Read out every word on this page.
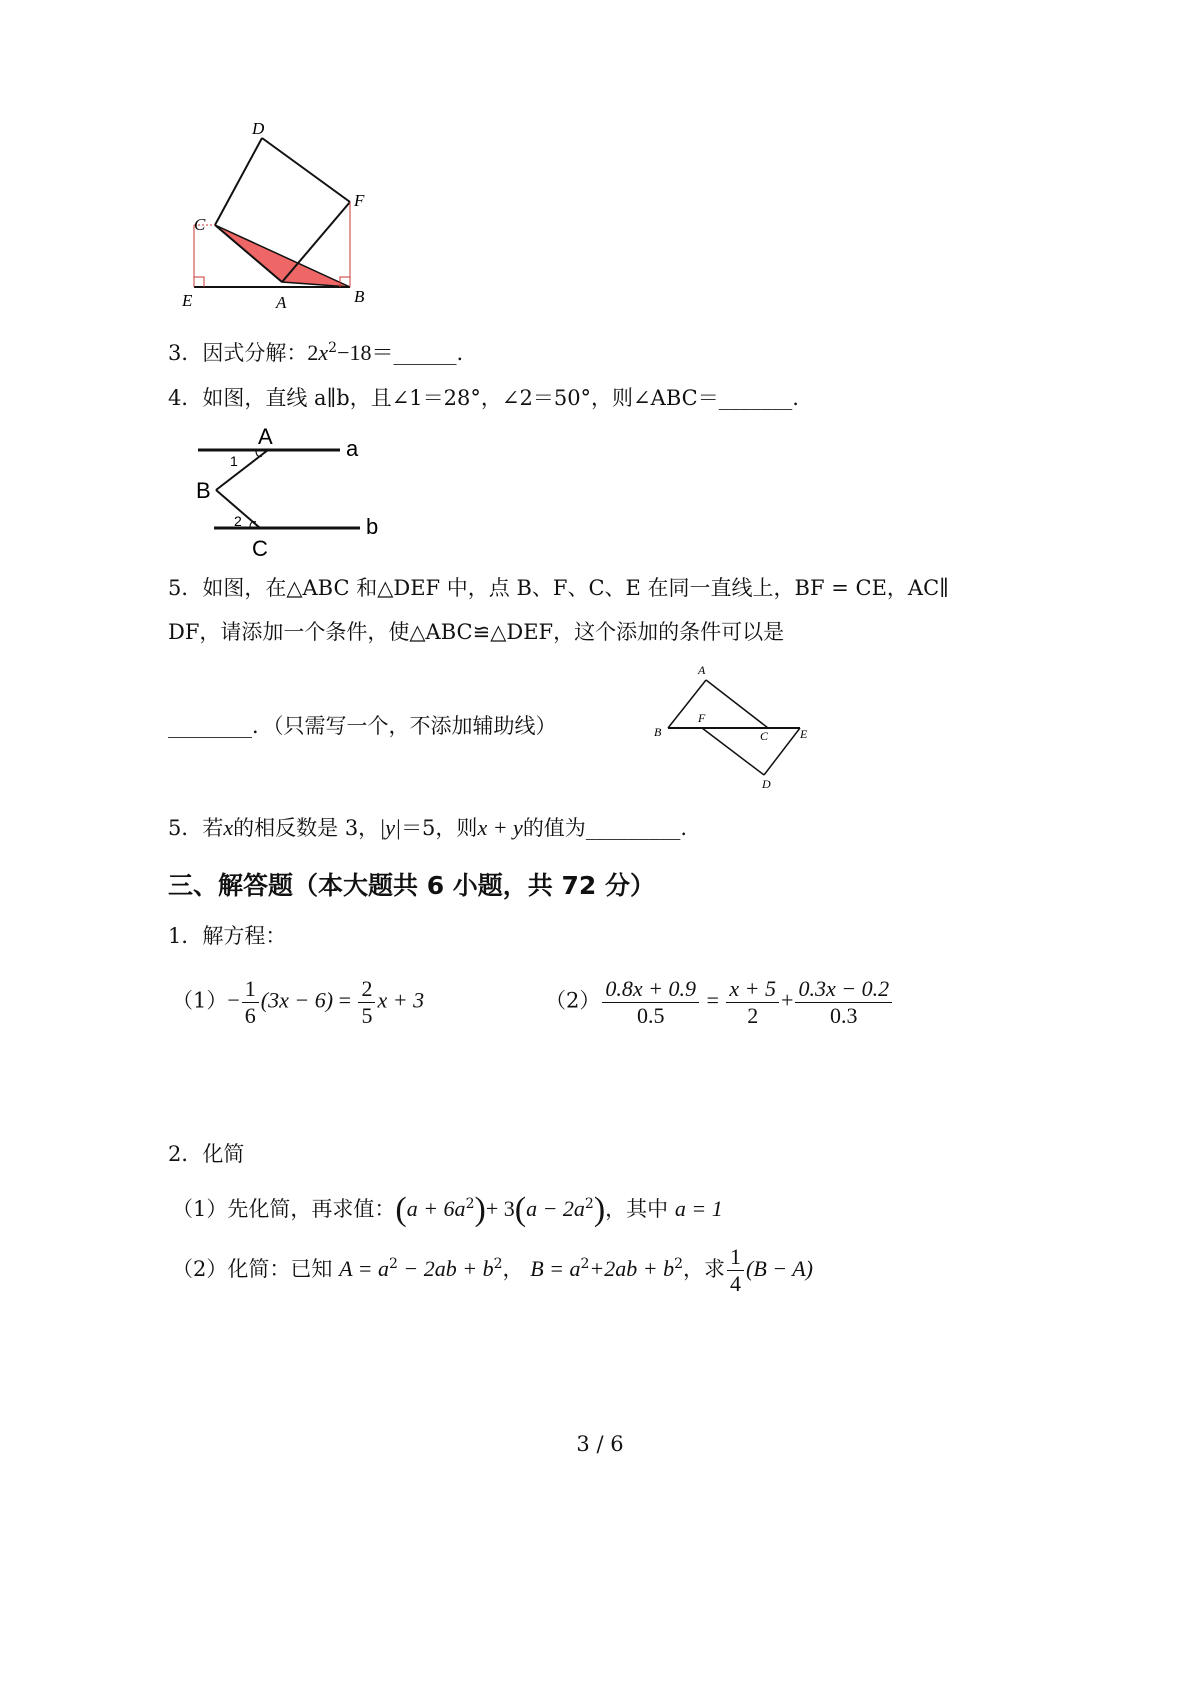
D
F
C
E	A	B
3．因式分解：$2x^2-18=\_\_\_\_\_\_$.
4．如图，直线 a∥b，且∠1＝28°，∠2＝50°，则∠ABC＝_______.
A	a
1
B
2	b
C
5．如图，在△ABC 和△DEF 中，点 B、F、C、E 在同一直线上，BF = CE，AC∥
DF，请添加一个条件，使△ABC≌△DEF，这个添加的条件可以是
________．（只需写一个，不添加辅助线）
A
B
F
C	E
D
5．若x的相反数是 3，|y|＝5，则x + y的值为_________.
三、解答题（本大题共 6 小题，共 72 分）
1．解方程：
$(1)- \frac{1}{6} (3x - 6) = \frac{2}{5}$ x + 3	$(2) \frac{0.8x + 0.9}{0.5} = \frac{x + 5}{2} + \frac{0.3x - 0.2}{0.3}$
2．化简
（1）先化简，再求值：$(a + 6a^2)+ 3(a - 2a^2)$，其中 a = 1
（2）化简：已知 $A = a^2 - 2ab + b^2$， $B = a^2+2ab + b^2$，求 $\frac{1}{4} (B - A)$
3 / 6
